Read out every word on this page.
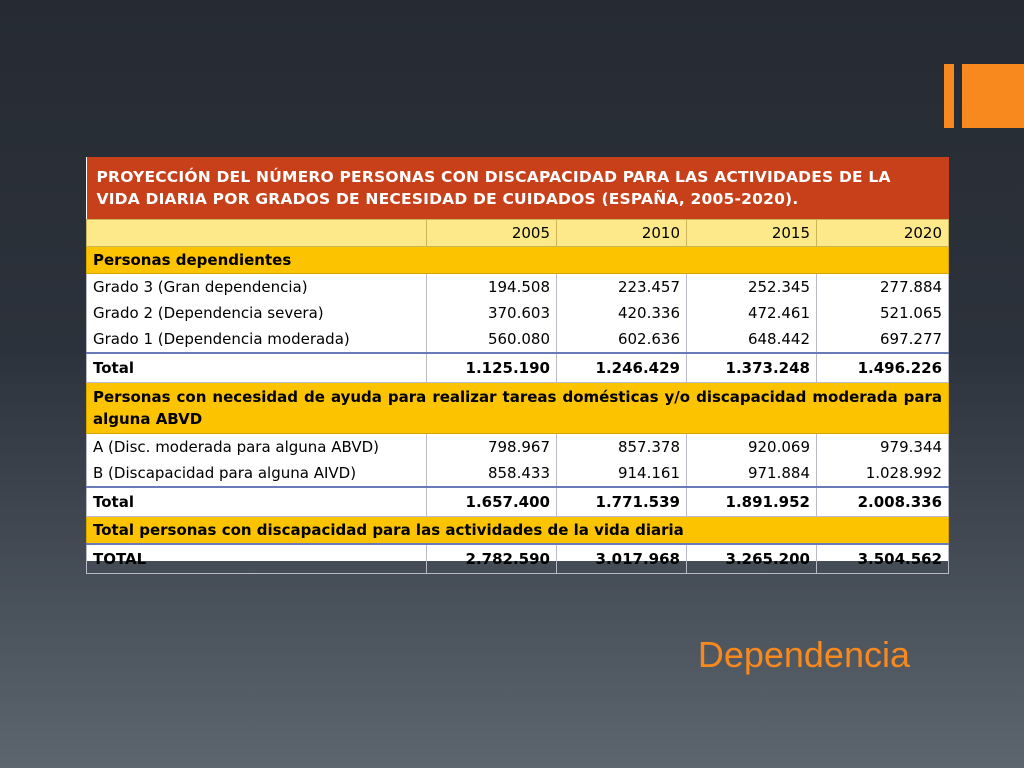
PROYECCIÓN DEL NÚMERO PERSONAS CON DISCAPACIDAD PARA LAS ACTIVIDADES DE LA VIDA DIARIA POR GRADOS DE NECESIDAD DE CUIDADOS (ESPAÑA, 2005-2020).				
	2005	2010	2015	2020
Personas dependientes				
Grado 3 (Gran dependencia)	194.508	223.457	252.345	277.884
Grado 2 (Dependencia severa)	370.603	420.336	472.461	521.065
Grado 1 (Dependencia moderada)	560.080	602.636	648.442	697.277
Total	1.125.190	1.246.429	1.373.248	1.496.226
Personas con necesidad de ayuda para realizar tareas domésticas y/o discapacidad moderada para alguna ABVD				
A (Disc. moderada para alguna ABVD)	798.967	857.378	920.069	979.344
B (Discapacidad para alguna AIVD)	858.433	914.161	971.884	1.028.992
Total	1.657.400	1.771.539	1.891.952	2.008.336
Total personas con discapacidad para las actividades de la vida diaria				
TOTAL	2.782.590	3.017.968	3.265.200	3.504.562
Dependencia
